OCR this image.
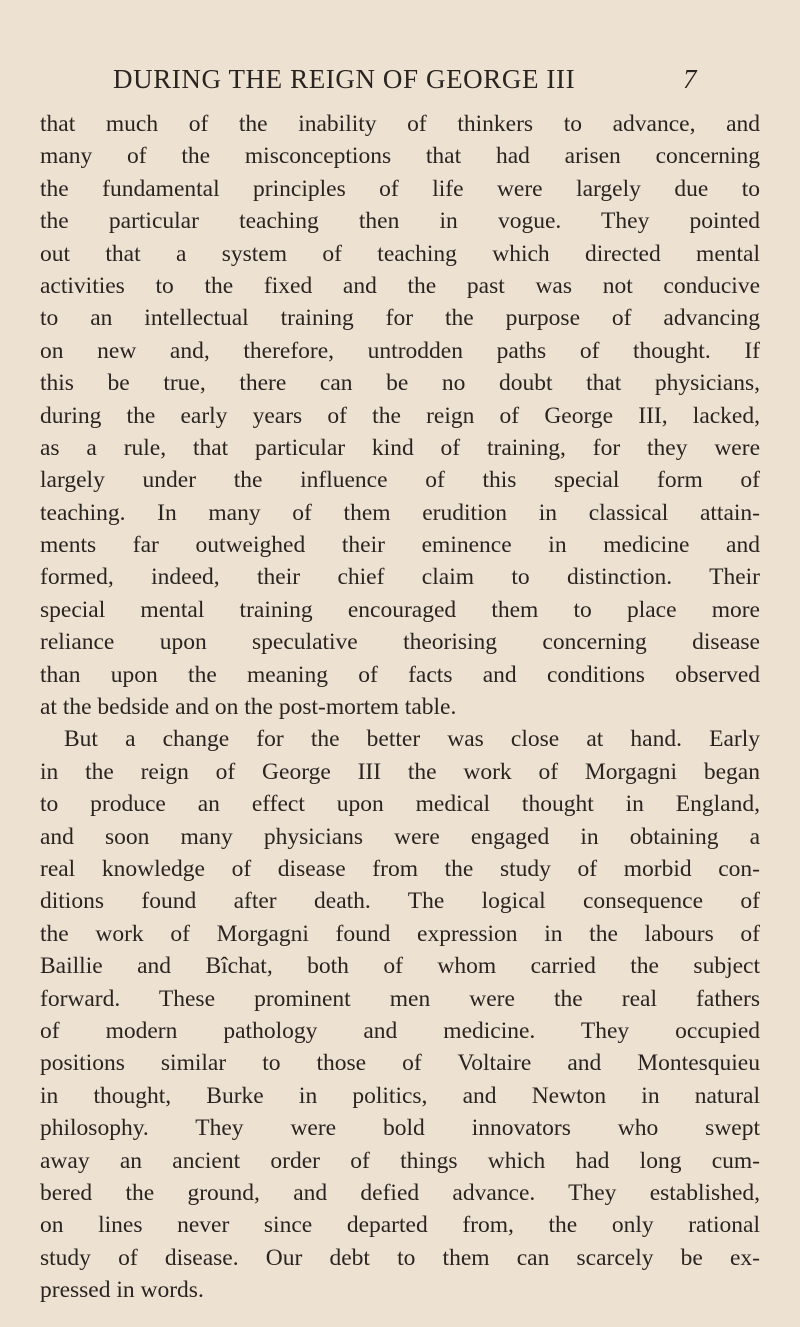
DURING THE REIGN OF GEORGE III	7
that much of the inability of thinkers to advance, and
many of the misconceptions that had arisen concerning
the fundamental principles of life were largely due to
the particular teaching then in vogue. They pointed
out that a system of teaching which directed mental
activities to the fixed and the past was not conducive
to an intellectual training for the purpose of advancing
on new and, therefore, untrodden paths of thought. If
this be true, there can be no doubt that physicians,
during the early years of the reign of George III, lacked,
as a rule, that particular kind of training, for they were
largely under the influence of this special form of
teaching. In many of them erudition in classical attain-
ments far outweighed their eminence in medicine and
formed, indeed, their chief claim to distinction. Their
special mental training encouraged them to place more
reliance upon speculative theorising concerning disease
than upon the meaning of facts and conditions observed
at the bedside and on the post-mortem table.
But a change for the better was close at hand. Early
in the reign of George III the work of Morgagni began
to produce an effect upon medical thought in England,
and soon many physicians were engaged in obtaining a
real knowledge of disease from the study of morbid con-
ditions found after death. The logical consequence of
the work of Morgagni found expression in the labours of
Baillie and Bîchat, both of whom carried the subject
forward. These prominent men were the real fathers
of modern pathology and medicine. They occupied
positions similar to those of Voltaire and Montesquieu
in thought, Burke in politics, and Newton in natural
philosophy. They were bold innovators who swept
away an ancient order of things which had long cum-
bered the ground, and defied advance. They established,
on lines never since departed from, the only rational
study of disease. Our debt to them can scarcely be ex-
pressed in words.
